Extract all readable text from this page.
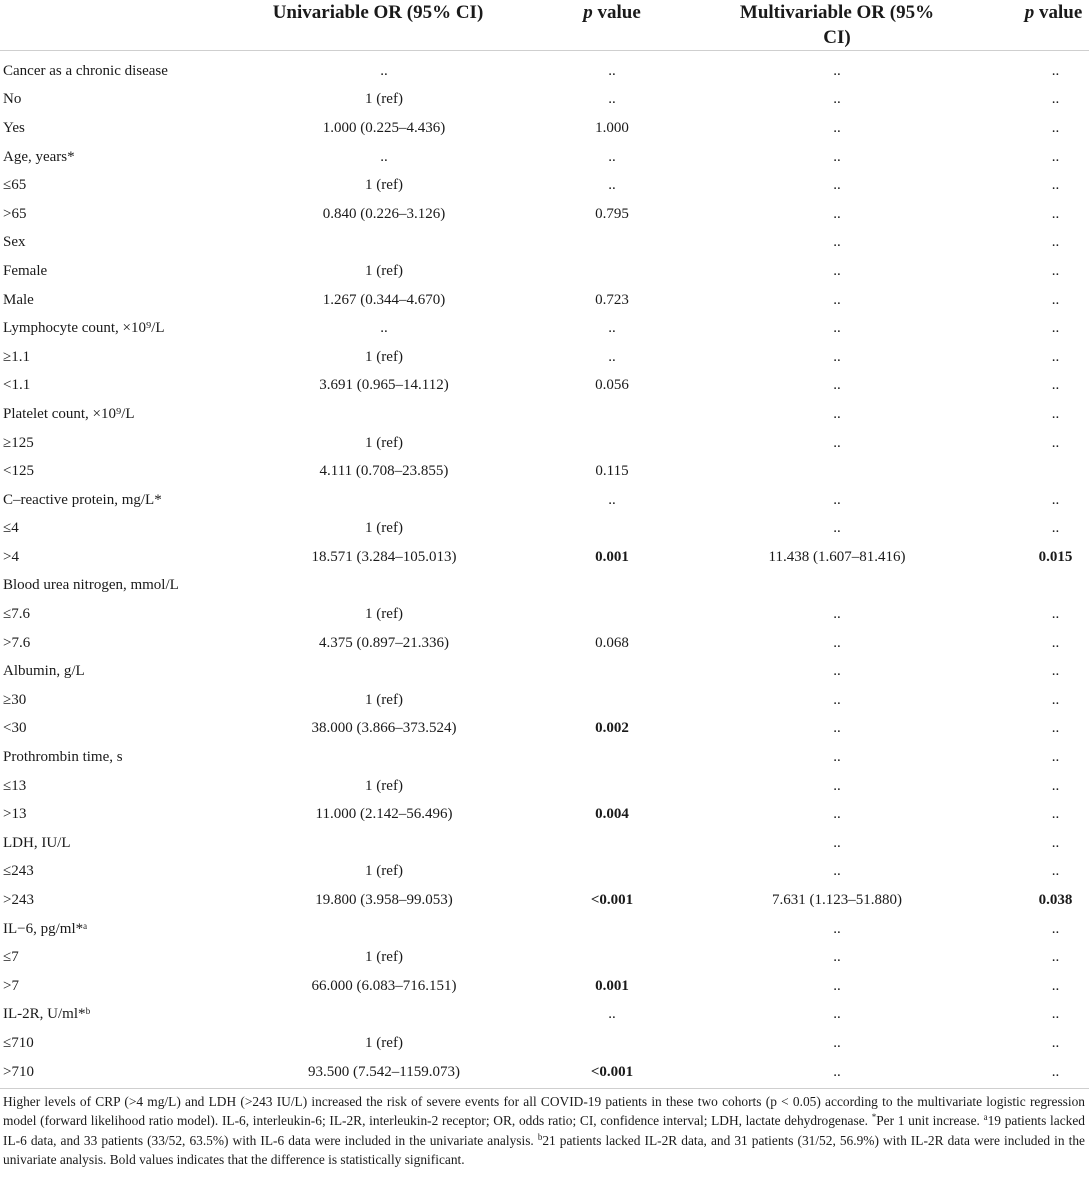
	Univariable OR (95% CI)	p value	Multivariable OR (95% CI)	p value
Cancer as a chronic disease	..	..	..	..
No	1 (ref)	..	..	..
Yes	1.000 (0.225–4.436)	1.000	..	..
Age, years*	..	..	..	..
≤65	1 (ref)	..	..	..
>65	0.840 (0.226–3.126)	0.795	..	..
Sex			..	..
Female	1 (ref)		..	..
Male	1.267 (0.344–4.670)	0.723	..	..
Lymphocyte count, ×10⁹/L	..	..	..	..
≥1.1	1 (ref)	..	..	..
<1.1	3.691 (0.965–14.112)	0.056	..	..
Platelet count, ×10⁹/L			..	..
≥125	1 (ref)		..	..
<125	4.111 (0.708–23.855)	0.115		
C–reactive protein, mg/L*		..	..	..
≤4	1 (ref)		..	..
>4	18.571 (3.284–105.013)	0.001	11.438 (1.607–81.416)	0.015
Blood urea nitrogen, mmol/L				
≤7.6	1 (ref)		..	..
>7.6	4.375 (0.897–21.336)	0.068	..	..
Albumin, g/L			..	..
≥30	1 (ref)		..	..
<30	38.000 (3.866–373.524)	0.002	..	..
Prothrombin time, s			..	..
≤13	1 (ref)		..	..
>13	11.000 (2.142–56.496)	0.004	..	..
LDH, IU/L			..	..
≤243	1 (ref)		..	..
>243	19.800 (3.958–99.053)	<0.001	7.631 (1.123–51.880)	0.038
IL−6, pg/ml*ᵃ			..	..
≤7	1 (ref)		..	..
>7	66.000 (6.083–716.151)	0.001	..	..
IL-2R, U/ml*ᵇ		..	..	..
≤710	1 (ref)		..	..
>710	93.500 (7.542–1159.073)	<0.001	..	..
Higher levels of CRP (>4 mg/L) and LDH (>243 IU/L) increased the risk of severe events for all COVID-19 patients in these two cohorts (p < 0.05) according to the multivariate logistic regression model (forward likelihood ratio model). IL-6, interleukin-6; IL-2R, interleukin-2 receptor; OR, odds ratio; CI, confidence interval; LDH, lactate dehydrogenase. *Per 1 unit increase. $^a$19 patients lacked IL-6 data, and 33 patients (33/52, 63.5%) with IL-6 data were included in the univariate analysis. $^b$21 patients lacked IL-2R data, and 31 patients (31/52, 56.9%) with IL-2R data were included in the univariate analysis. Bold values indicates that the difference is statistically significant.
